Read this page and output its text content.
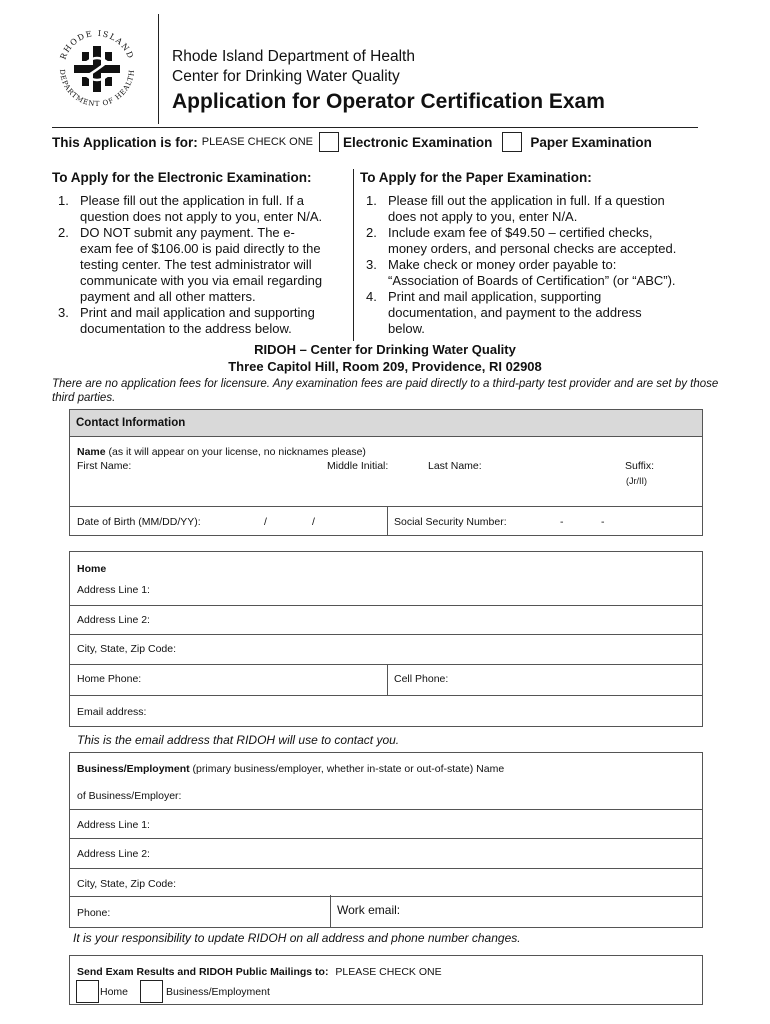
RHODE ISLAND
DEPARTMENT OF HEALTH
Rhode Island Department of Health
Center for Drinking Water Quality
Application for Operator Certification Exam
This Application is for: PLEASE CHECK ONE Electronic Examination	Paper Examination
To Apply for the Electronic Examination:	To Apply for the Paper Examination:
1. Please fill out the application in full. If a
question does not apply to you, enter N/A.
2. DO NOT submit any payment. The e-
exam fee of $106.00 is paid directly to the
testing center. The test administrator will
communicate with you via email regarding
payment and all other matters.
3. Print and mail application and supporting
documentation to the address below.
1. Please fill out the application in full. If a question
does not apply to you, enter N/A.
2. Include exam fee of $49.50 – certified checks,
money orders, and personal checks are accepted.
3. Make check or money order payable to:
“Association of Boards of Certification” (or “ABC”).
4. Print and mail application, supporting
documentation, and payment to the address
below.
RIDOH – Center for Drinking Water Quality
Three Capitol Hill, Room 209, Providence, RI 02908
There are no application fees for licensure. Any examination fees are paid directly to a third-party test provider and are set by those third parties.
Contact Information
Name (as it will appear on your license, no nicknames please)
First Name:	Middle Initial:	Last Name:	Suffix:
(Jr/II)
Date of Birth (MM/DD/YY):	/	/	Social Security Number:	-	-
Home
Address Line 1:
Address Line 2:
City, State, Zip Code:
Home Phone:	Cell Phone:
Email address:
This is the email address that RIDOH will use to contact you.
Business/Employment (primary business/employer, whether in-state or out-of-state) Name
of Business/Employer:
Address Line 1:
Address Line 2:
City, State, Zip Code:
Phone:	Work email:
It is your responsibility to update RIDOH on all address and phone number changes.
Send Exam Results and RIDOH Public Mailings to: PLEASE CHECK ONE
Home	Business/Employment
